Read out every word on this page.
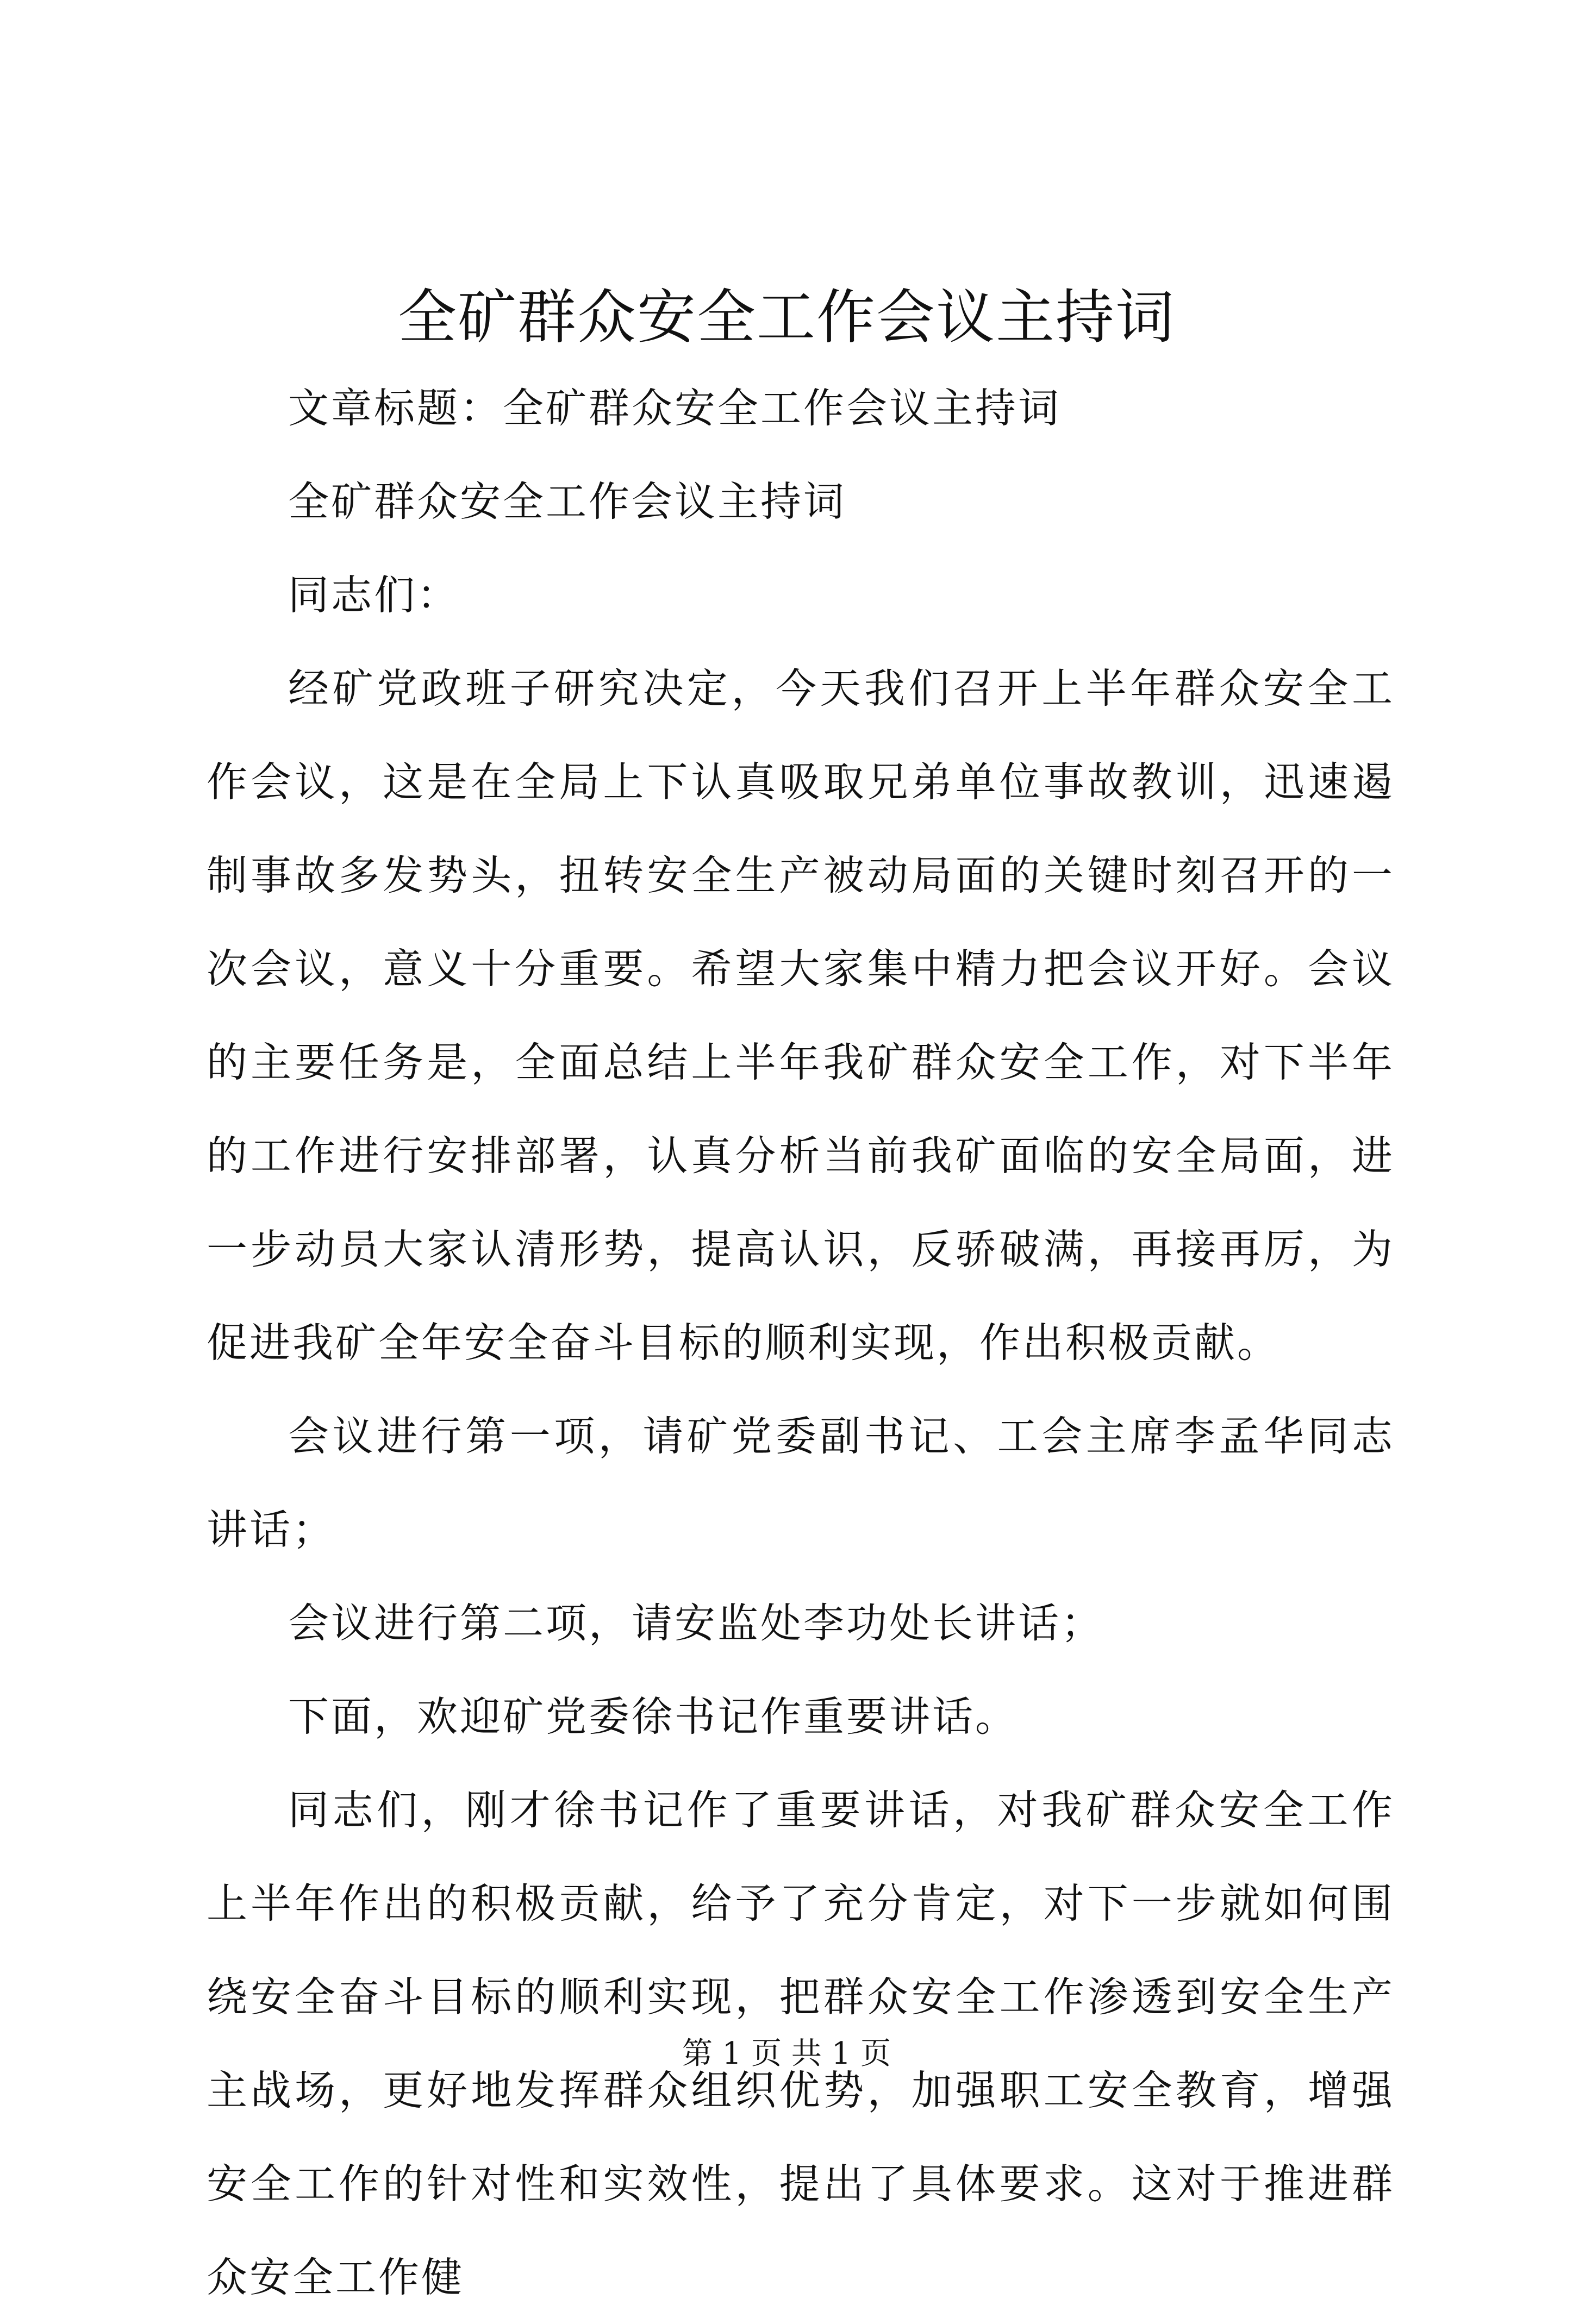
全矿群众安全工作会议主持词

文章标题：全矿群众安全工作会议主持词

全矿群众安全工作会议主持词

同志们：

经矿党政班子研究决定，今天我们召开上半年群众安全工作会议，这是在全局上下认真吸取兄弟单位事故教训，迅速遏制事故多发势头，扭转安全生产被动局面的关键时刻召开的一次会议，意义十分重要。希望大家集中精力把会议开好。会议的主要任务是，全面总结上半年我矿群众安全工作，对下半年的工作进行安排部署，认真分析当前我矿面临的安全局面，进一步动员大家认清形势，提高认识，反骄破满，再接再厉，为促进我矿全年安全奋斗目标的顺利实现，作出积极贡献。

会议进行第一项，请矿党委副书记、工会主席李孟华同志讲话；

会议进行第二项，请安监处李功处长讲话；

下面，欢迎矿党委徐书记作重要讲话。

同志们，刚才徐书记作了重要讲话，对我矿群众安全工作上半年作出的积极贡献，给予了充分肯定，对下一步就如何围绕安全奋斗目标的顺利实现，把群众安全工作渗透到安全生产主战场，更好地发挥群众组织优势，加强职工安全教育，增强安全工作的针对性和实效性，提出了具体要求。这对于推进群众安全工作健

第 1 页 共 1 页
